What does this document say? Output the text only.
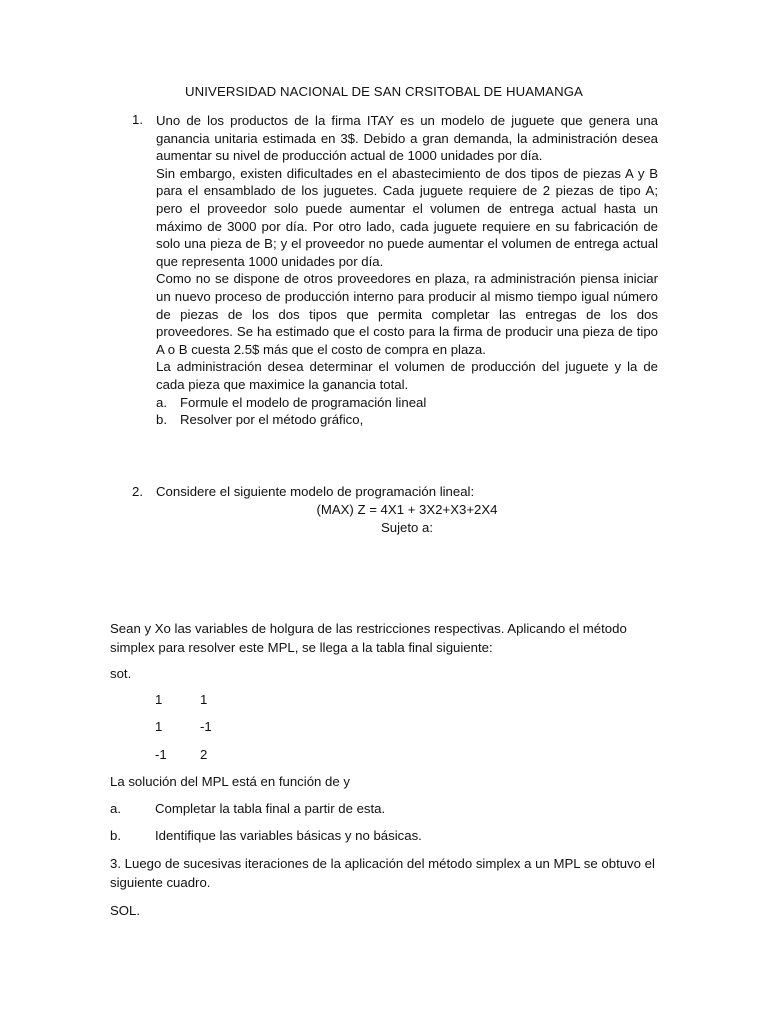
UNIVERSIDAD NACIONAL DE SAN CRSITOBAL DE HUAMANGA
1. Uno de los productos de la firma ITAY es un modelo de juguete que genera una ganancia unitaria estimada en 3$. Debido a gran demanda, la administración desea aumentar su nivel de producción actual de 1000 unidades por día.

Sin embargo, existen dificultades en el abastecimiento de dos tipos de piezas A y B para el ensamblado de los juguetes. Cada juguete requiere de 2 piezas de tipo A; pero el proveedor solo puede aumentar el volumen de entrega actual hasta un máximo de 3000 por día. Por otro lado, cada juguete requiere en su fabricación de solo una pieza de B; y el proveedor no puede aumentar el volumen de entrega actual que representa 1000 unidades por día.

Como no se dispone de otros proveedores en plaza, ra administración piensa iniciar un nuevo proceso de producción interno para producir al mismo tiempo igual número de piezas de los dos tipos que permita completar las entregas de los dos proveedores. Se ha estimado que el costo para la firma de producir una pieza de tipo A o B cuesta 2.5$ más que el costo de compra en plaza.

La administración desea determinar el volumen de producción del juguete y la de cada pieza que maximice la ganancia total.

a. Formule el modelo de programación lineal
b. Resolver por el método gráfico,
2. Considere el siguiente modelo de programación lineal:
(MAX) Z = 4X1 + 3X2+X3+2X4
Sujeto a:

Sean y Xo las variables de holgura de las restricciones respectivas. Aplicando el método simplex para resolver este MPL, se llega a la tabla final siguiente:

sot.
1	1
1	-1
-1	2
La solución del MPL está en función de y
a.	Completar la tabla final a partir de esta.
b.	Identifique las variables básicas y no básicas.

3. Luego de sucesivas iteraciones de la aplicación del método simplex a un MPL se obtuvo el siguiente cuadro.

SOL.
